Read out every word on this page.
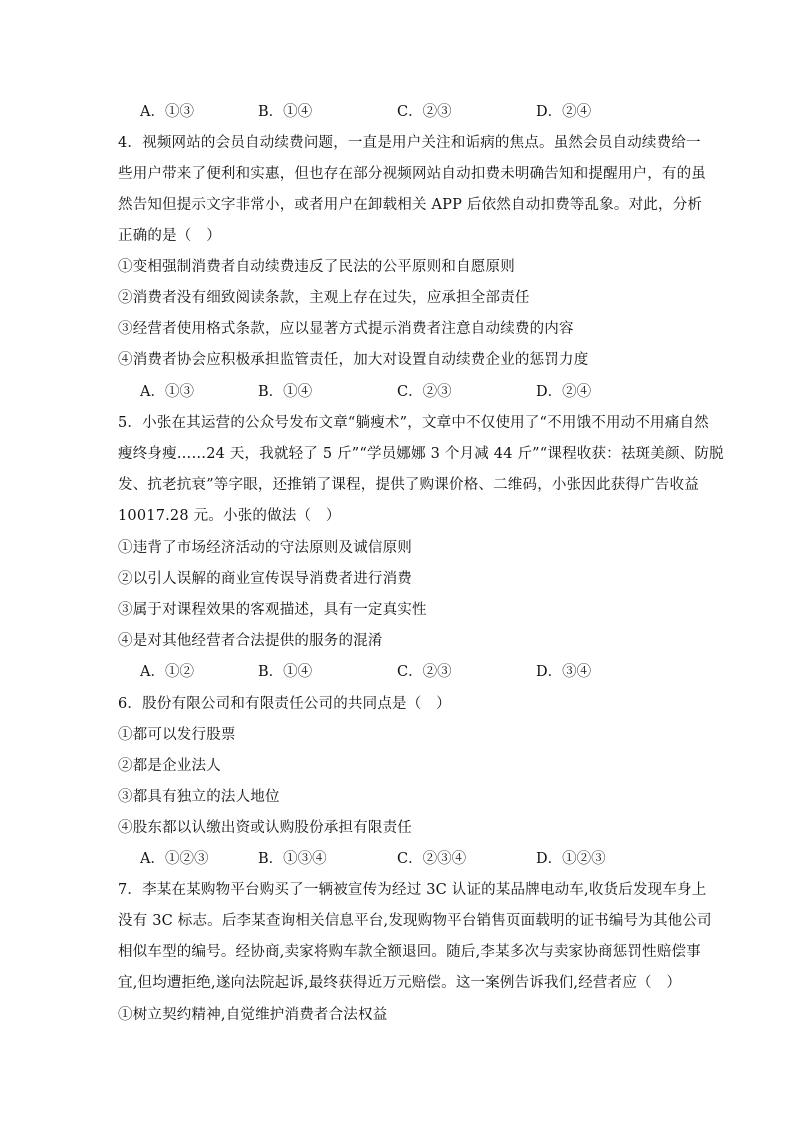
A．①③	B．①④	C．②③	D．②④
4．视频网站的会员自动续费问题，一直是用户关注和诟病的焦点。虽然会员自动续费给一
些用户带来了便利和实惠，但也存在部分视频网站自动扣费未明确告知和提醒用户，有的虽
然告知但提示文字非常小，或者用户在卸载相关 APP 后依然自动扣费等乱象。对此，分析
正确的是（　）
①变相强制消费者自动续费违反了民法的公平原则和自愿原则
②消费者没有细致阅读条款，主观上存在过失，应承担全部责任
③经营者使用格式条款，应以显著方式提示消费者注意自动续费的内容
④消费者协会应积极承担监管责任，加大对设置自动续费企业的惩罚力度
A．①③	B．①④	C．②③	D．②④
5．小张在其运营的公众号发布文章“躺瘦术”，文章中不仅使用了“不用饿不用动不用痛自然
瘦终身瘦……24 天，我就轻了 5 斤”“学员娜娜 3 个月减 44 斤”“课程收获：祛斑美颜、防脱
发、抗老抗衰”等字眼，还推销了课程，提供了购课价格、二维码，小张因此获得广告收益
10017.28 元。小张的做法（　）
①违背了市场经济活动的守法原则及诚信原则
②以引人误解的商业宣传误导消费者进行消费
③属于对课程效果的客观描述，具有一定真实性
④是对其他经营者合法提供的服务的混淆
A．①②	B．①④	C．②③	D．③④
6．股份有限公司和有限责任公司的共同点是（　）
①都可以发行股票
②都是企业法人
③都具有独立的法人地位
④股东都以认缴出资或认购股份承担有限责任
A．①②③	B．①③④	C．②③④	D．①②③
7．李某在某购物平台购买了一辆被宣传为经过 3C 认证的某品牌电动车,收货后发现车身上
没有 3C 标志。后李某查询相关信息平台,发现购物平台销售页面载明的证书编号为其他公司
相似车型的编号。经协商,卖家将购车款全额退回。随后,李某多次与卖家协商惩罚性赔偿事
宜,但均遭拒绝,遂向法院起诉,最终获得近万元赔偿。这一案例告诉我们,经营者应（　）
①树立契约精神,自觉维护消费者合法权益
